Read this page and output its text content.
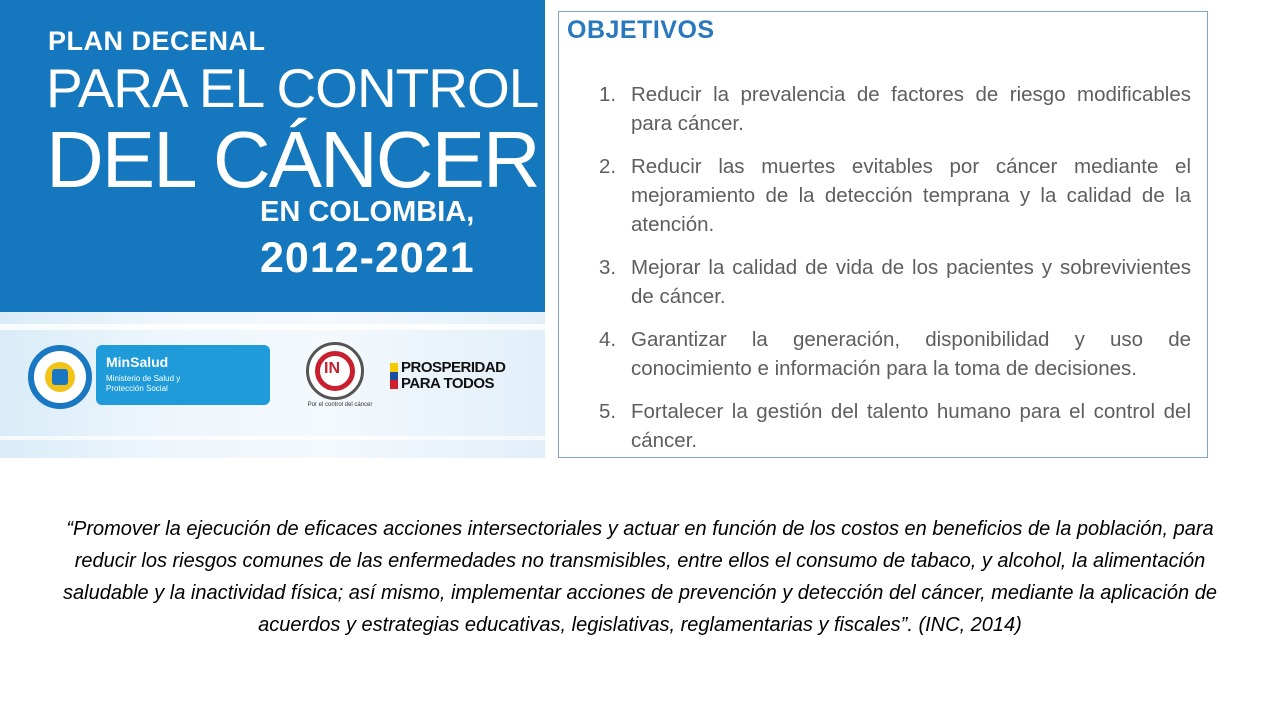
PLAN DECENAL
PARA EL CONTROL
DEL CÁNCER
EN COLOMBIA,
2012-2021
MinSalud
Ministerio de Salud y Protección Social
IN
Por el control del cáncer
PROSPERIDAD PARA TODOS
OBJETIVOS
1. Reducir la prevalencia de factores de riesgo modificables para cáncer.
2. Reducir las muertes evitables por cáncer mediante el mejoramiento de la detección temprana y la calidad de la atención.
3. Mejorar la calidad de vida de los pacientes y sobrevivientes de cáncer.
4. Garantizar la generación, disponibilidad y uso de conocimiento e información para la toma de decisiones.
5. Fortalecer la gestión del talento humano para el control del cáncer.
“Promover la ejecución de eficaces acciones intersectoriales y actuar en función de los costos en beneficios de la población, para reducir los riesgos comunes de las enfermedades no transmisibles, entre ellos el consumo de tabaco, y alcohol, la alimentación saludable y la inactividad física; así mismo, implementar acciones de prevención y detección del cáncer, mediante la aplicación de acuerdos y estrategias educativas, legislativas, reglamentarias y fiscales”. (INC, 2014)
